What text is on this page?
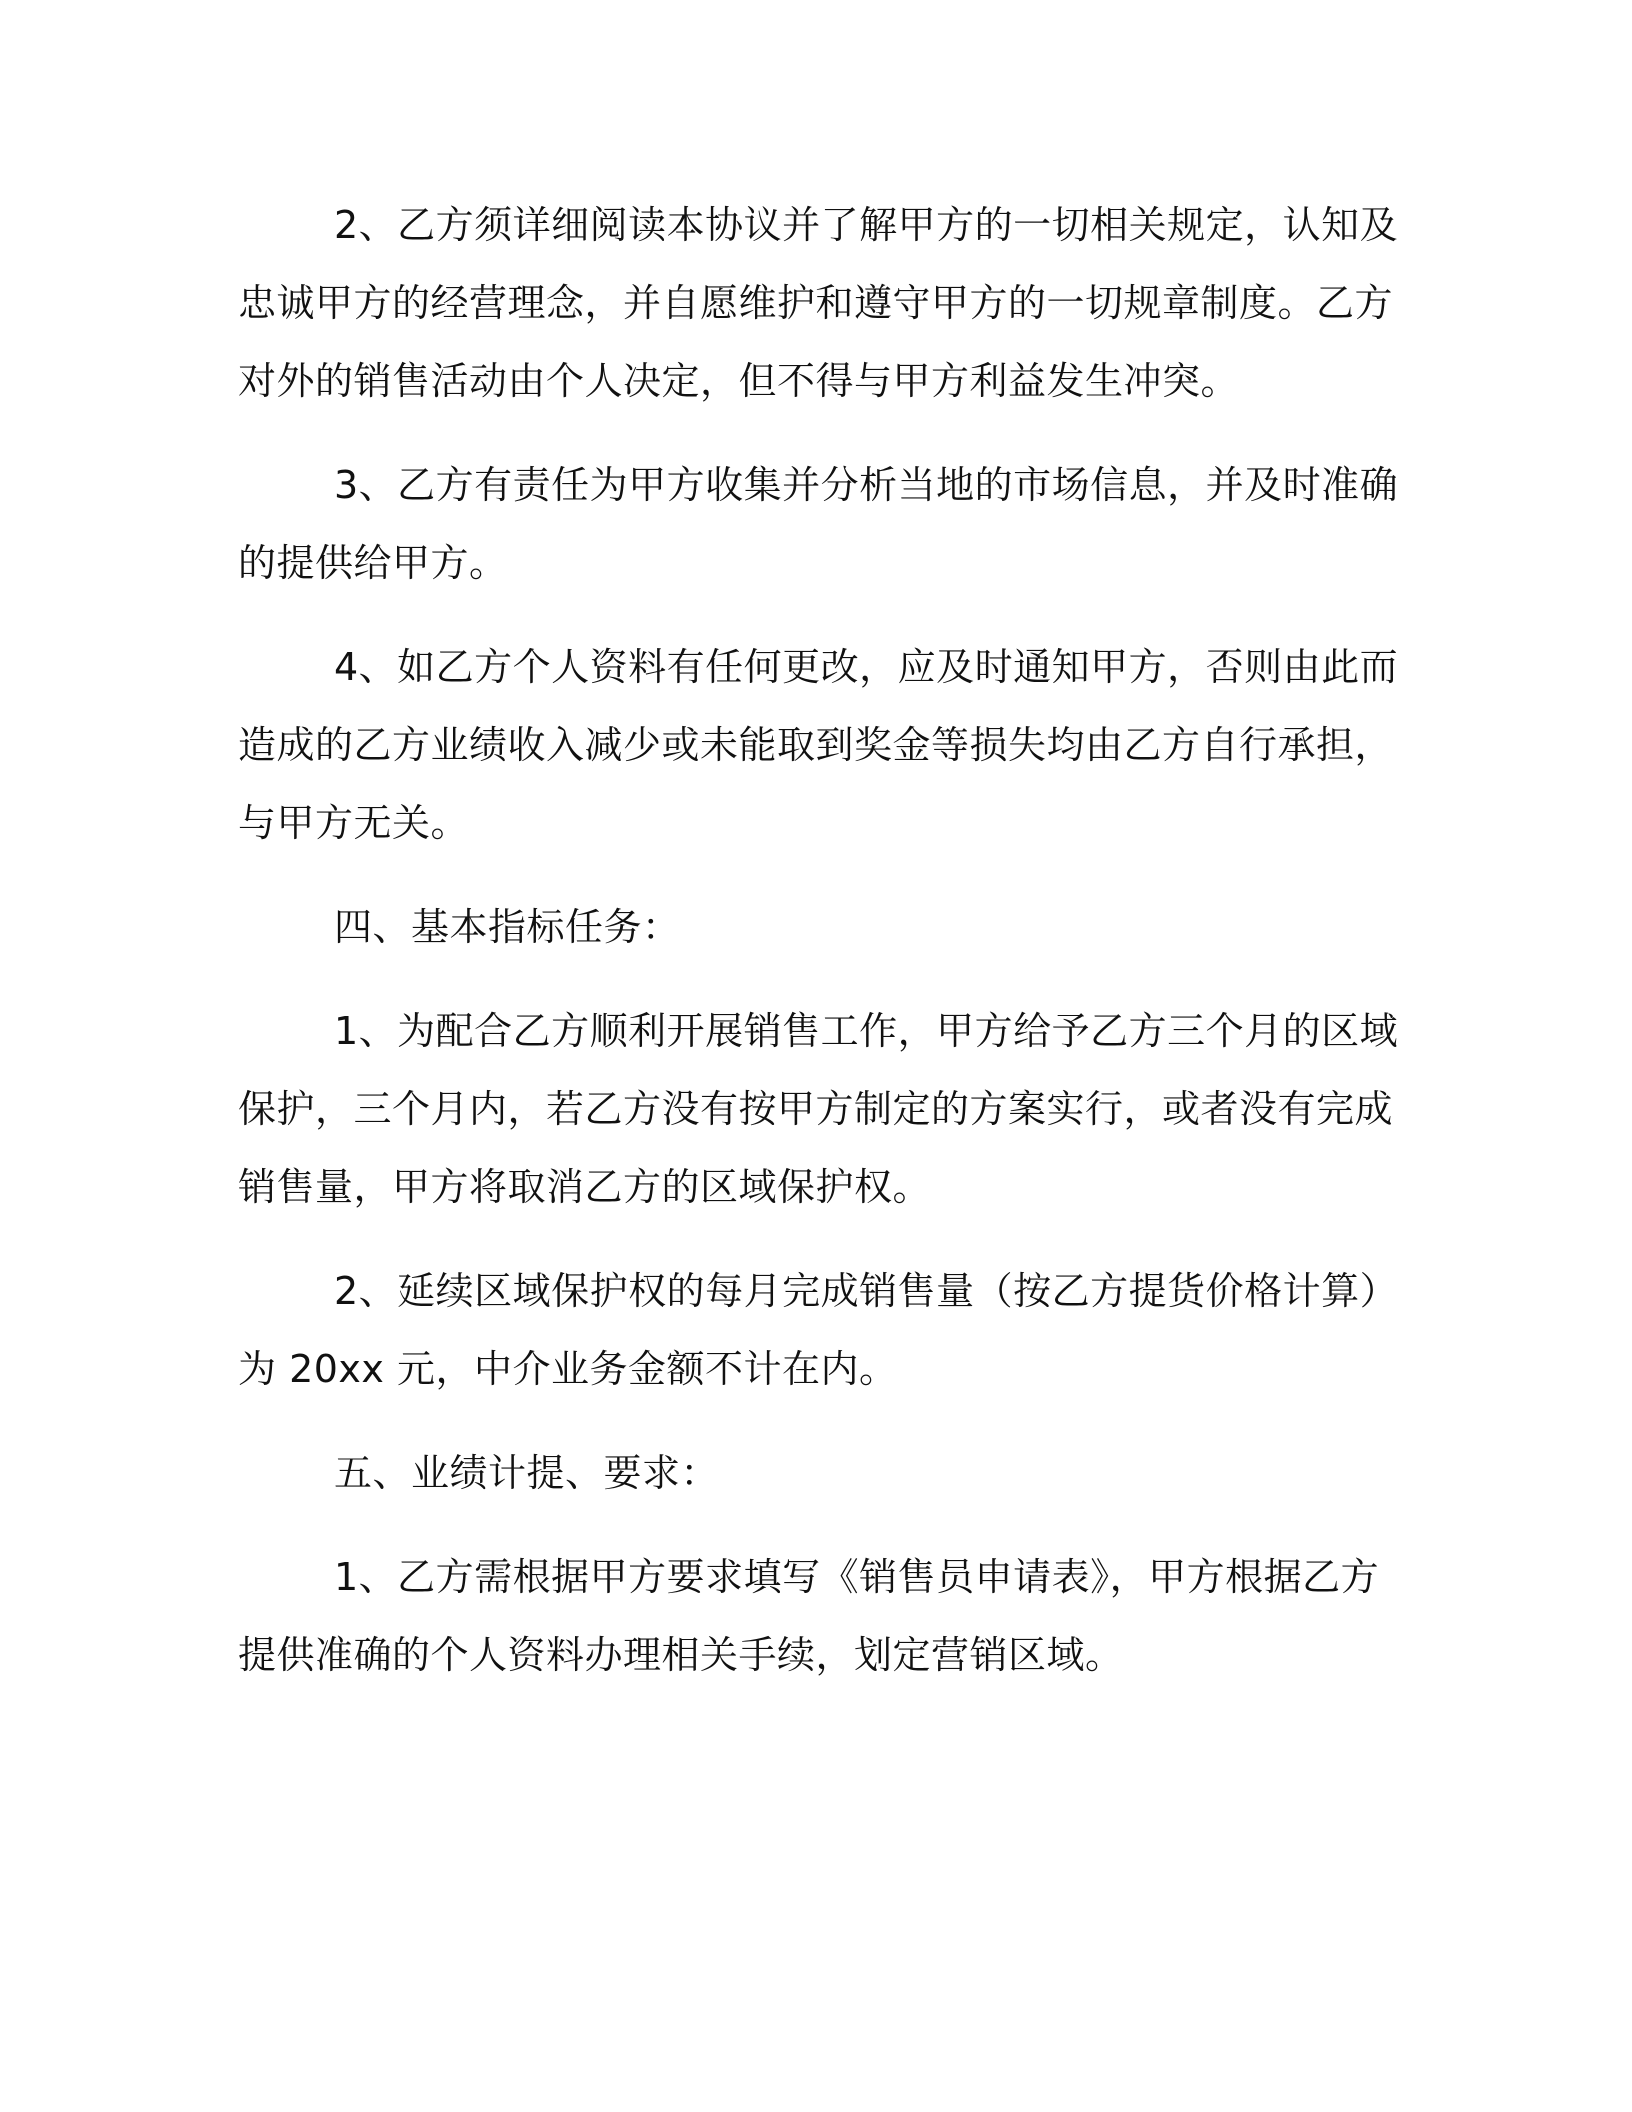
2、乙方须详细阅读本协议并了解甲方的一切相关规定，认知及
忠诚甲方的经营理念，并自愿维护和遵守甲方的一切规章制度。乙方
对外的销售活动由个人决定，但不得与甲方利益发生冲突。
3、乙方有责任为甲方收集并分析当地的市场信息，并及时准确
的提供给甲方。
4、如乙方个人资料有任何更改，应及时通知甲方，否则由此而
造成的乙方业绩收入减少或未能取到奖金等损失均由乙方自行承担，
与甲方无关。
四、基本指标任务：
1、为配合乙方顺利开展销售工作，甲方给予乙方三个月的区域
保护，三个月内，若乙方没有按甲方制定的方案实行，或者没有完成
销售量，甲方将取消乙方的区域保护权。
2、延续区域保护权的每月完成销售量（按乙方提货价格计算）
为 20xx 元，中介业务金额不计在内。
五、业绩计提、要求：
1、乙方需根据甲方要求填写《销售员申请表》，甲方根据乙方
提供准确的个人资料办理相关手续，划定营销区域。
